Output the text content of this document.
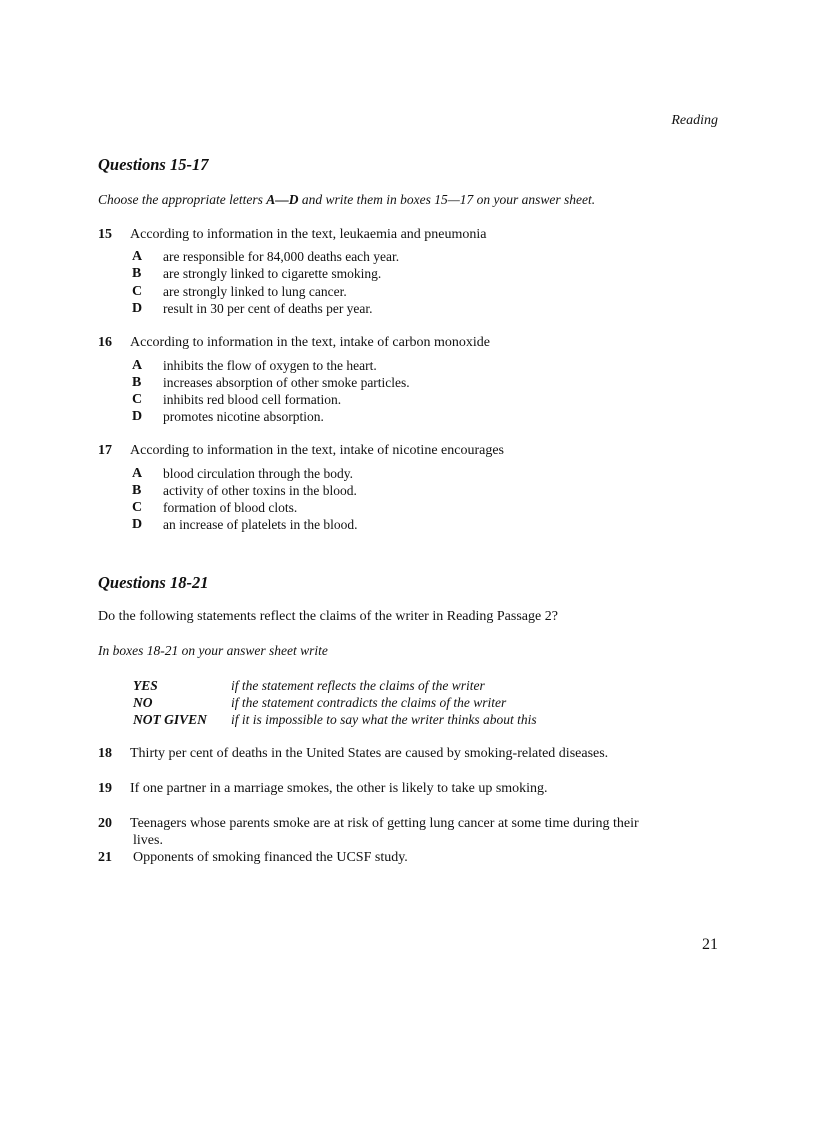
Reading
Questions 15-17
Choose the appropriate letters A—D and write them in boxes 15—17 on your answer sheet.
15 According to information in the text, leukaemia and pneumonia
A are responsible for 84,000 deaths each year.
B are strongly linked to cigarette smoking.
C are strongly linked to lung cancer.
D result in 30 per cent of deaths per year.
16 According to information in the text, intake of carbon monoxide
A inhibits the flow of oxygen to the heart.
B increases absorption of other smoke particles.
C inhibits red blood cell formation.
D promotes nicotine absorption.
17 According to information in the text, intake of nicotine encourages
A blood circulation through the body.
B activity of other toxins in the blood.
C formation of blood clots.
D an increase of platelets in the blood.
Questions 18-21
Do the following statements reflect the claims of the writer in Reading Passage 2?
In boxes 18-21 on your answer sheet write
YES	if the statement reflects the claims of the writer
NO	if the statement contradicts the claims of the writer
NOT GIVEN if it is impossible to say what the writer thinks about this
18 Thirty per cent of deaths in the United States are caused by smoking-related diseases.
19 If one partner in a marriage smokes, the other is likely to take up smoking.
20 Teenagers whose parents smoke are at risk of getting lung cancer at some time during their
lives.
21 Opponents of smoking financed the UCSF study.
21
